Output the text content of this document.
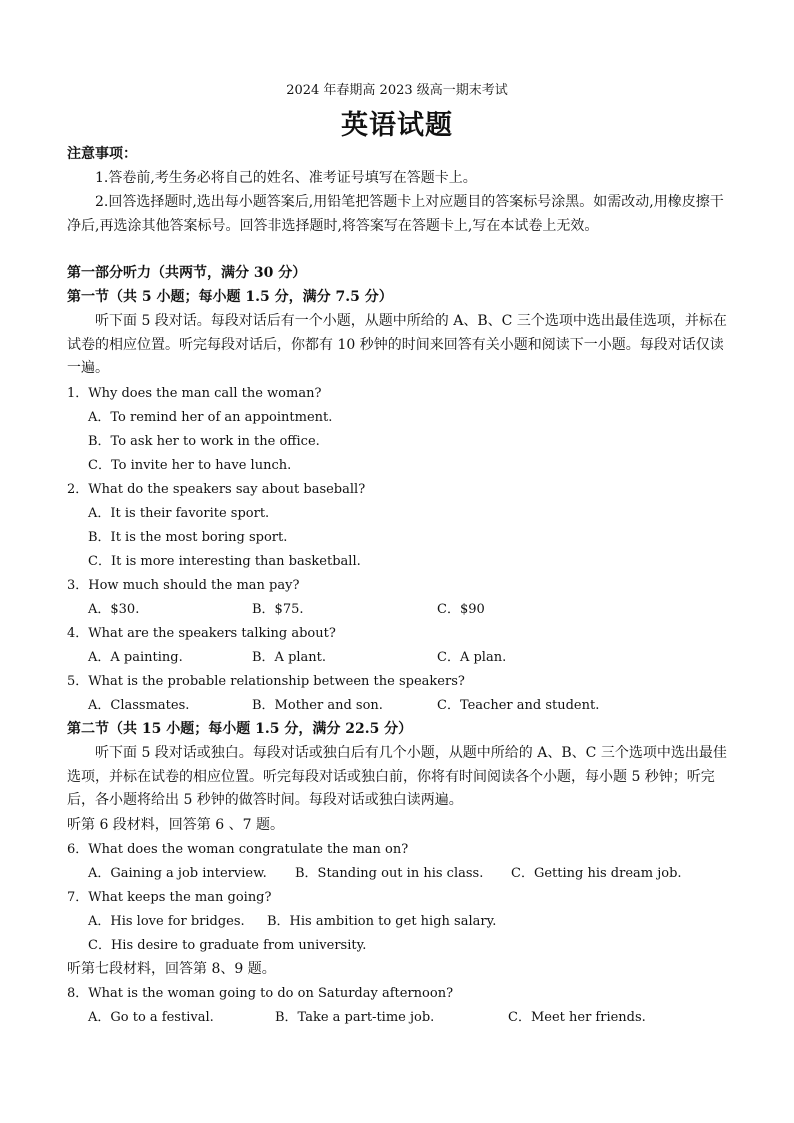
2024 年春期高 2023 级高一期末考试
英语试题
注意事项：
1.答卷前,考生务必将自己的姓名、准考证号填写在答题卡上。
2.回答选择题时,选出每小题答案后,用铅笔把答题卡上对应题目的答案标号涂黑。如需改动,用橡皮擦干净后,再选涂其他答案标号。回答非选择题时,将答案写在答题卡上,写在本试卷上无效。
第一部分听力（共两节，满分 30 分）
第一节（共 5 小题；每小题 1.5 分，满分 7.5 分）
听下面 5 段对话。每段对话后有一个小题，从题中所给的 A、B、C 三个选项中选出最佳选项，并标在试卷的相应位置。听完每段对话后，你都有 10 秒钟的时间来回答有关小题和阅读下一小题。每段对话仅读一遍。
1．Why does the man call the woman?
A．To remind her of an appointment.
B．To ask her to work in the office.
C．To invite her to have lunch.
2．What do the speakers say about baseball?
A．It is their favorite sport.
B．It is the most boring sport.
C．It is more interesting than basketball.
3．How much should the man pay?
A．$30.	B．$75.	C．$90
4．What are the speakers talking about?
A．A painting.	B．A plant.	C．A plan.
5．What is the probable relationship between the speakers?
A．Classmates.	B．Mother and son.	C．Teacher and student.
第二节（共 15 小题；每小题 1.5 分，满分 22.5 分）
听下面 5 段对话或独白。每段对话或独白后有几个小题，从题中所给的 A、B、C 三个选项中选出最佳选项，并标在试卷的相应位置。听完每段对话或独白前，你将有时间阅读各个小题，每小题 5 秒钟；听完后，各小题将给出 5 秒钟的做答时间。每段对话或独白读两遍。
听第 6 段材料，回答第 6 、7 题。
6．What does the woman congratulate the man on?
A．Gaining a job interview. B．Standing out in his class. C．Getting his dream job.
7．What keeps the man going?
A．His love for bridges. B．His ambition to get high salary.
C．His desire to graduate from university.
听第七段材料，回答第 8、9 题。
8．What is the woman going to do on Saturday afternoon?
A．Go to a festival.	B．Take a part-time job.	C．Meet her friends.
